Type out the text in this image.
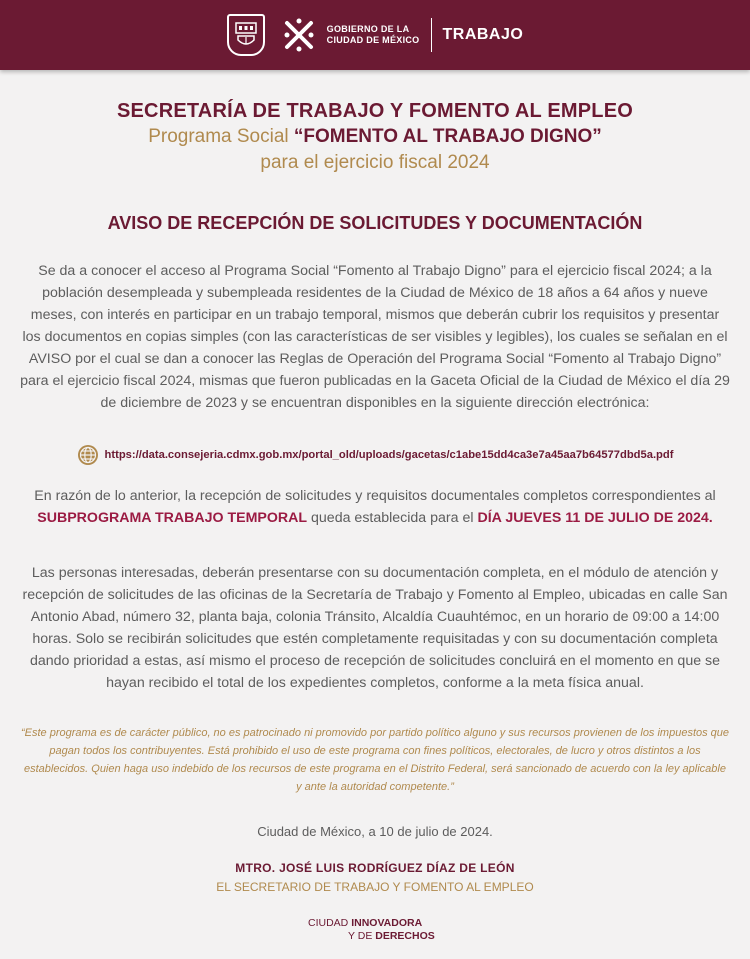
GOBIERNO DE LA
CIUDAD DE MÉXICO TRABAJO
SECRETARÍA DE TRABAJO Y FOMENTO AL EMPLEO
Programa Social “FOMENTO AL TRABAJO DIGNO”
para el ejercicio fiscal 2024
AVISO DE RECEPCIÓN DE SOLICITUDES Y DOCUMENTACIÓN

Se da a conocer el acceso al Programa Social “Fomento al Trabajo Digno” para el ejercicio fiscal 2024; a la población desempleada y subempleada residentes de la Ciudad de México de 18 años a 64 años y nueve meses, con interés en participar en un trabajo temporal, mismos que deberán cubrir los requisitos y presentar los documentos en copias simples (con las características de ser visibles y legibles), los cuales se señalan en el AVISO por el cual se dan a conocer las Reglas de Operación del Programa Social “Fomento al Trabajo Digno” para el ejercicio fiscal 2024, mismas que fueron publicadas en la Gaceta Oficial de la Ciudad de México el día 29 de diciembre de 2023 y se encuentran disponibles en la siguiente dirección electrónica:

https://data.consejeria.cdmx.gob.mx/portal_old/uploads/gacetas/c1abe15dd4ca3e7a45aa7b64577dbd5a.pdf

En razón de lo anterior, la recepción de solicitudes y requisitos documentales completos correspondientes al SUBPROGRAMA TRABAJO TEMPORAL queda establecida para el DÍA JUEVES 11 DE JULIO DE 2024.

Las personas interesadas, deberán presentarse con su documentación completa, en el módulo de atención y recepción de solicitudes de las oficinas de la Secretaría de Trabajo y Fomento al Empleo, ubicadas en calle San Antonio Abad, número 32, planta baja, colonia Tránsito, Alcaldía Cuauhtémoc, en un horario de 09:00 a 14:00 horas. Solo se recibirán solicitudes que estén completamente requisitadas y con su documentación completa dando prioridad a estas, así mismo el proceso de recepción de solicitudes concluirá en el momento en que se hayan recibido el total de los expedientes completos, conforme a la meta física anual.

“Este programa es de carácter público, no es patrocinado ni promovido por partido político alguno y sus recursos provienen de los impuestos que pagan todos los contribuyentes. Está prohibido el uso de este programa con fines políticos, electorales, de lucro y otros distintos a los establecidos. Quien haga uso indebido de los recursos de este programa en el Distrito Federal, será sancionado de acuerdo con la ley aplicable y ante la autoridad competente.”

Ciudad de México, a 10 de julio de 2024.
MTRO. JOSÉ LUIS RODRÍGUEZ DÍAZ DE LEÓN
EL SECRETARIO DE TRABAJO Y FOMENTO AL EMPLEO
CIUDAD INNOVADORA
Y DE DERECHOS
